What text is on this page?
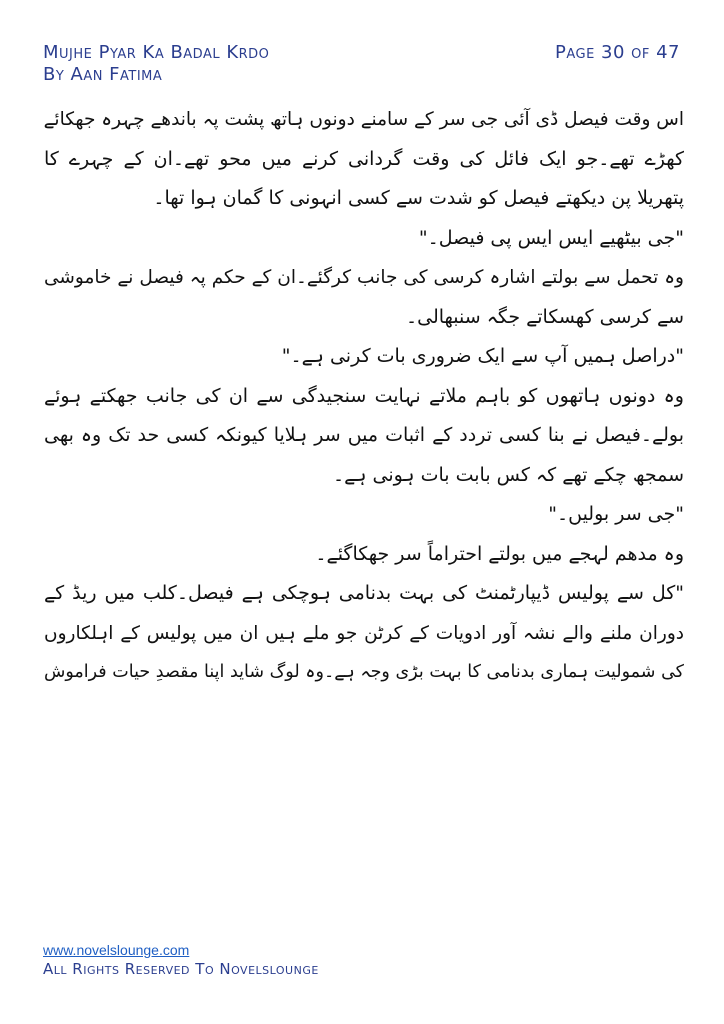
Mujhe Pyar Ka Badal Krdo
By Aan Fatima
Page 30 of 47
اس وقت فیصل ڈی آئی جی سر کے سامنے دونوں ہاتھ پشت پہ باندھے چہرہ جھکائے
کھڑے تھے۔جو ایک فائل کی وقت گردانی کرنے میں محو تھے۔ان کے چہرے کا
پتھریلا پن دیکھتے فیصل کو شدت سے کسی انہونی کا گمان ہوا تھا۔
"جی بیٹھیے ایس ایس پی فیصل۔"
وہ تحمل سے بولتے اشارہ کرسی کی جانب کرگئے۔ان کے حکم پہ فیصل نے خاموشی
سے کرسی کھسکاتے جگہ سنبھالی۔
"دراصل ہمیں آپ سے ایک ضروری بات کرنی ہے۔"
وہ دونوں ہاتھوں کو باہم ملاتے نہایت سنجیدگی سے ان کی جانب جھکتے ہوئے
بولے۔فیصل نے بنا کسی تردد کے اثبات میں سر ہلایا کیونکہ کسی حد تک وہ بھی
سمجھ چکے تھے کہ کس بابت بات ہونی ہے۔
"جی سر بولیں۔"
وہ مدھم لہجے میں بولتے احتراماً سر جھکاگئے۔
"کل سے پولیس ڈیپارٹمنٹ کی بہت بدنامی ہوچکی ہے فیصل۔کلب میں ریڈ کے
دوران ملنے والے نشہ آور ادویات کے کرٹن جو ملے ہیں ان میں پولیس کے اہلکاروں
کی شمولیت ہماری بدنامی کا بہت بڑی وجہ ہے۔وہ لوگ شاید اپنا مقصدِ حیات فراموش
www.novelslounge.com
All Rights Reserved To Novelslounge
